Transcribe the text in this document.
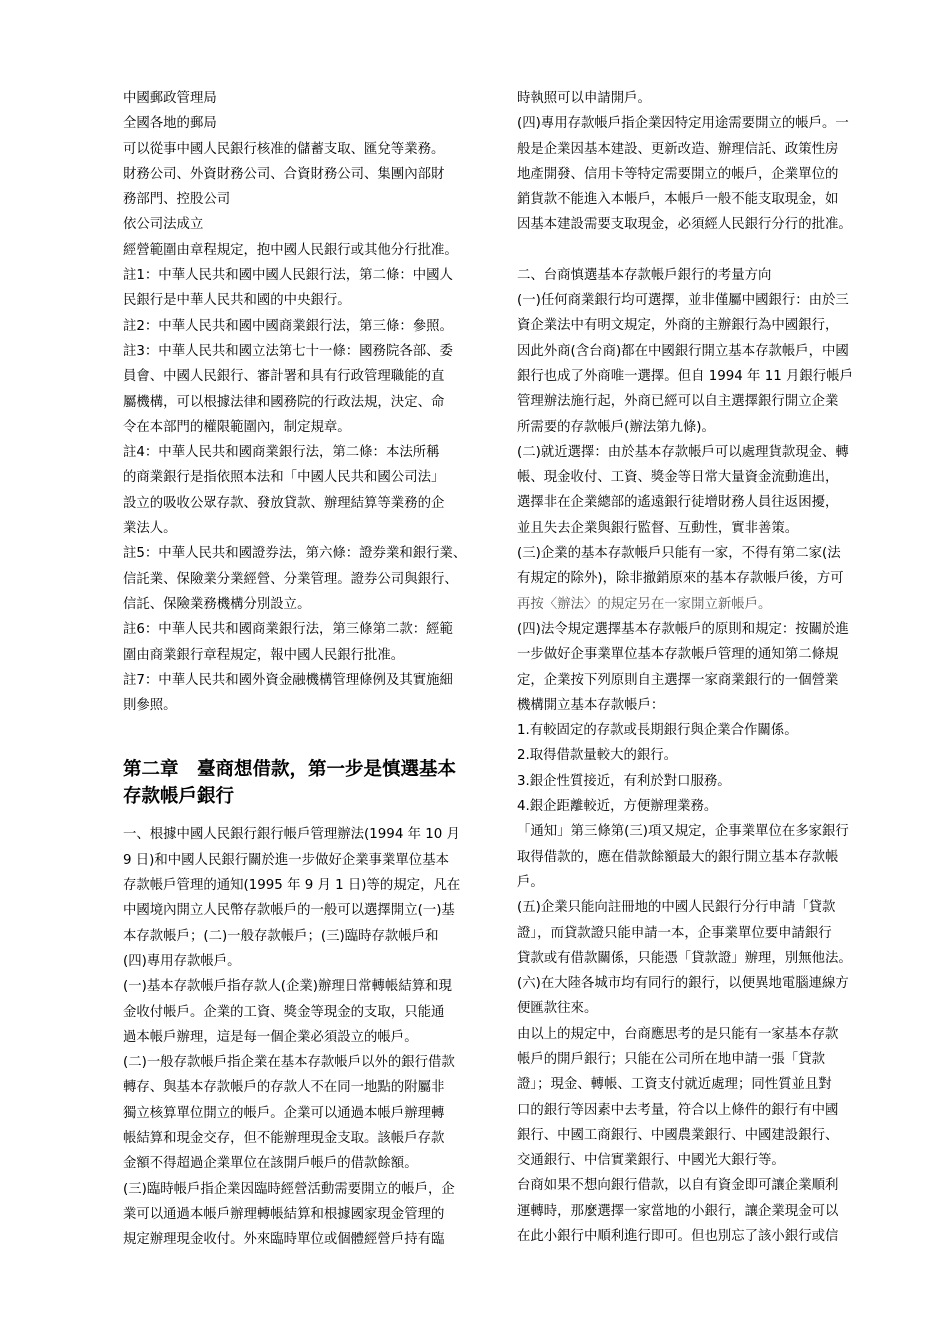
中國郵政管理局

全國各地的郵局

可以從事中國人民銀行核准的儲蓄支取、匯兌等業務。

財務公司、外資財務公司、合資財務公司、集團內部財
務部門、控股公司

依公司法成立

經營範圍由章程規定，抱中國人民銀行或其他分行批准。

註1：中華人民共和國中國人民銀行法，第二條：中國人
民銀行是中華人民共和國的中央銀行。

註2：中華人民共和國中國商業銀行法，第三條：參照。

註3：中華人民共和國立法第七十一條：國務院各部、委
員會、中國人民銀行、審計署和具有行政管理職能的直
屬機構，可以根據法律和國務院的行政法規，決定、命
令在本部門的權限範圍內，制定規章。

註4：中華人民共和國商業銀行法，第二條：本法所稱
的商業銀行是指依照本法和「中國人民共和國公司法」
設立的吸收公眾存款、發放貸款、辦理結算等業務的企
業法人。

註5：中華人民共和國證券法，第六條：證券業和銀行業、
信託業、保險業分業經營、分業管理。證券公司與銀行、
信託、保險業務機構分別設立。

註6：中華人民共和國商業銀行法，第三條第二款：經範
圍由商業銀行章程規定，報中國人民銀行批准。

註7：中華人民共和國外資金融機構管理條例及其實施細
則參照。

第二章　臺商想借款，第一步是慎選基本
存款帳戶銀行

一、根據中國人民銀行銀行帳戶管理辦法(1994 年 10 月
9 日)和中國人民銀行關於進一步做好企業事業單位基本
存款帳戶管理的通知(1995 年 9 月 1 日)等的規定，凡在
中國境內開立人民幣存款帳戶的一般可以選擇開立(一)基
本存款帳戶；(二)一般存款帳戶；(三)臨時存款帳戶和
(四)專用存款帳戶。

(一)基本存款帳戶指存款人(企業)辦理日常轉帳結算和現
金收付帳戶。企業的工資、獎金等現金的支取，只能通
過本帳戶辦理，這是每一個企業必須設立的帳戶。

(二)一般存款帳戶指企業在基本存款帳戶以外的銀行借款
轉存、與基本存款帳戶的存款人不在同一地點的附屬非
獨立核算單位開立的帳戶。企業可以通過本帳戶辦理轉
帳結算和現金交存，但不能辦理現金支取。該帳戶存款
金額不得超過企業單位在該開戶帳戶的借款餘額。

(三)臨時帳戶指企業因臨時經營活動需要開立的帳戶，企
業可以通過本帳戶辦理轉帳結算和根據國家現金管理的
規定辦理現金收付。外來臨時單位或個體經營戶持有臨

時執照可以申請開戶。

(四)專用存款帳戶指企業因特定用途需要開立的帳戶。一
般是企業因基本建設、更新改造、辦理信託、政策性房
地產開發、信用卡等特定需要開立的帳戶，企業單位的
銷貨款不能進入本帳戶，本帳戶一般不能支取現金，如
因基本建設需要支取現金，必須經人民銀行分行的批准。

二、台商慎選基本存款帳戶銀行的考量方向

(一)任何商業銀行均可選擇，並非僅屬中國銀行：由於三
資企業法中有明文規定，外商的主辦銀行為中國銀行，
因此外商(含台商)都在中國銀行開立基本存款帳戶，中國
銀行也成了外商唯一選擇。但自 1994 年 11 月銀行帳戶
管理辦法施行起，外商已經可以自主選擇銀行開立企業
所需要的存款帳戶(辦法第九條)。

(二)就近選擇：由於基本存款帳戶可以處理貨款現金、轉
帳、現金收付、工資、獎金等日常大量資金流動進出，
選擇非在企業總部的遙遠銀行徒增財務人員往返困擾，
並且失去企業與銀行監督、互動性，實非善策。

(三)企業的基本存款帳戶只能有一家，不得有第二家(法
有規定的除外)，除非撤銷原來的基本存款帳戶後，方可

再按〈辦法〉的規定另在一家開立新帳戶。

(四)法令規定選擇基本存款帳戶的原則和規定：按關於進
一步做好企事業單位基本存款帳戶管理的通知第二條規
定，企業按下列原則自主選擇一家商業銀行的一個營業
機構開立基本存款帳戶：

1.有較固定的存款或長期銀行與企業合作關係。

2.取得借款量較大的銀行。

3.銀企性質接近，有利於對口服務。

4.銀企距離較近，方便辦理業務。

「通知」第三條第(三)項又規定，企事業單位在多家銀行
取得借款的，應在借款餘額最大的銀行開立基本存款帳
戶。

(五)企業只能向註冊地的中國人民銀行分行申請「貸款
證」，而貸款證只能申請一本，企事業單位要申請銀行
貸款或有借款關係，只能憑「貸款證」辦理，別無他法。

(六)在大陸各城市均有同行的銀行，以便異地電腦連線方
便匯款往來。

由以上的規定中，台商應思考的是只能有一家基本存款
帳戶的開戶銀行；只能在公司所在地申請一張「貸款
證」；現金、轉帳、工資支付就近處理；同性質並且對
口的銀行等因素中去考量，符合以上條件的銀行有中國
銀行、中國工商銀行、中國農業銀行、中國建設銀行、
交通銀行、中信實業銀行、中國光大銀行等。

台商如果不想向銀行借款，以自有資金即可讓企業順利
運轉時，那麼選擇一家當地的小銀行，讓企業現金可以
在此小銀行中順利進行即可。但也別忘了該小銀行或信
